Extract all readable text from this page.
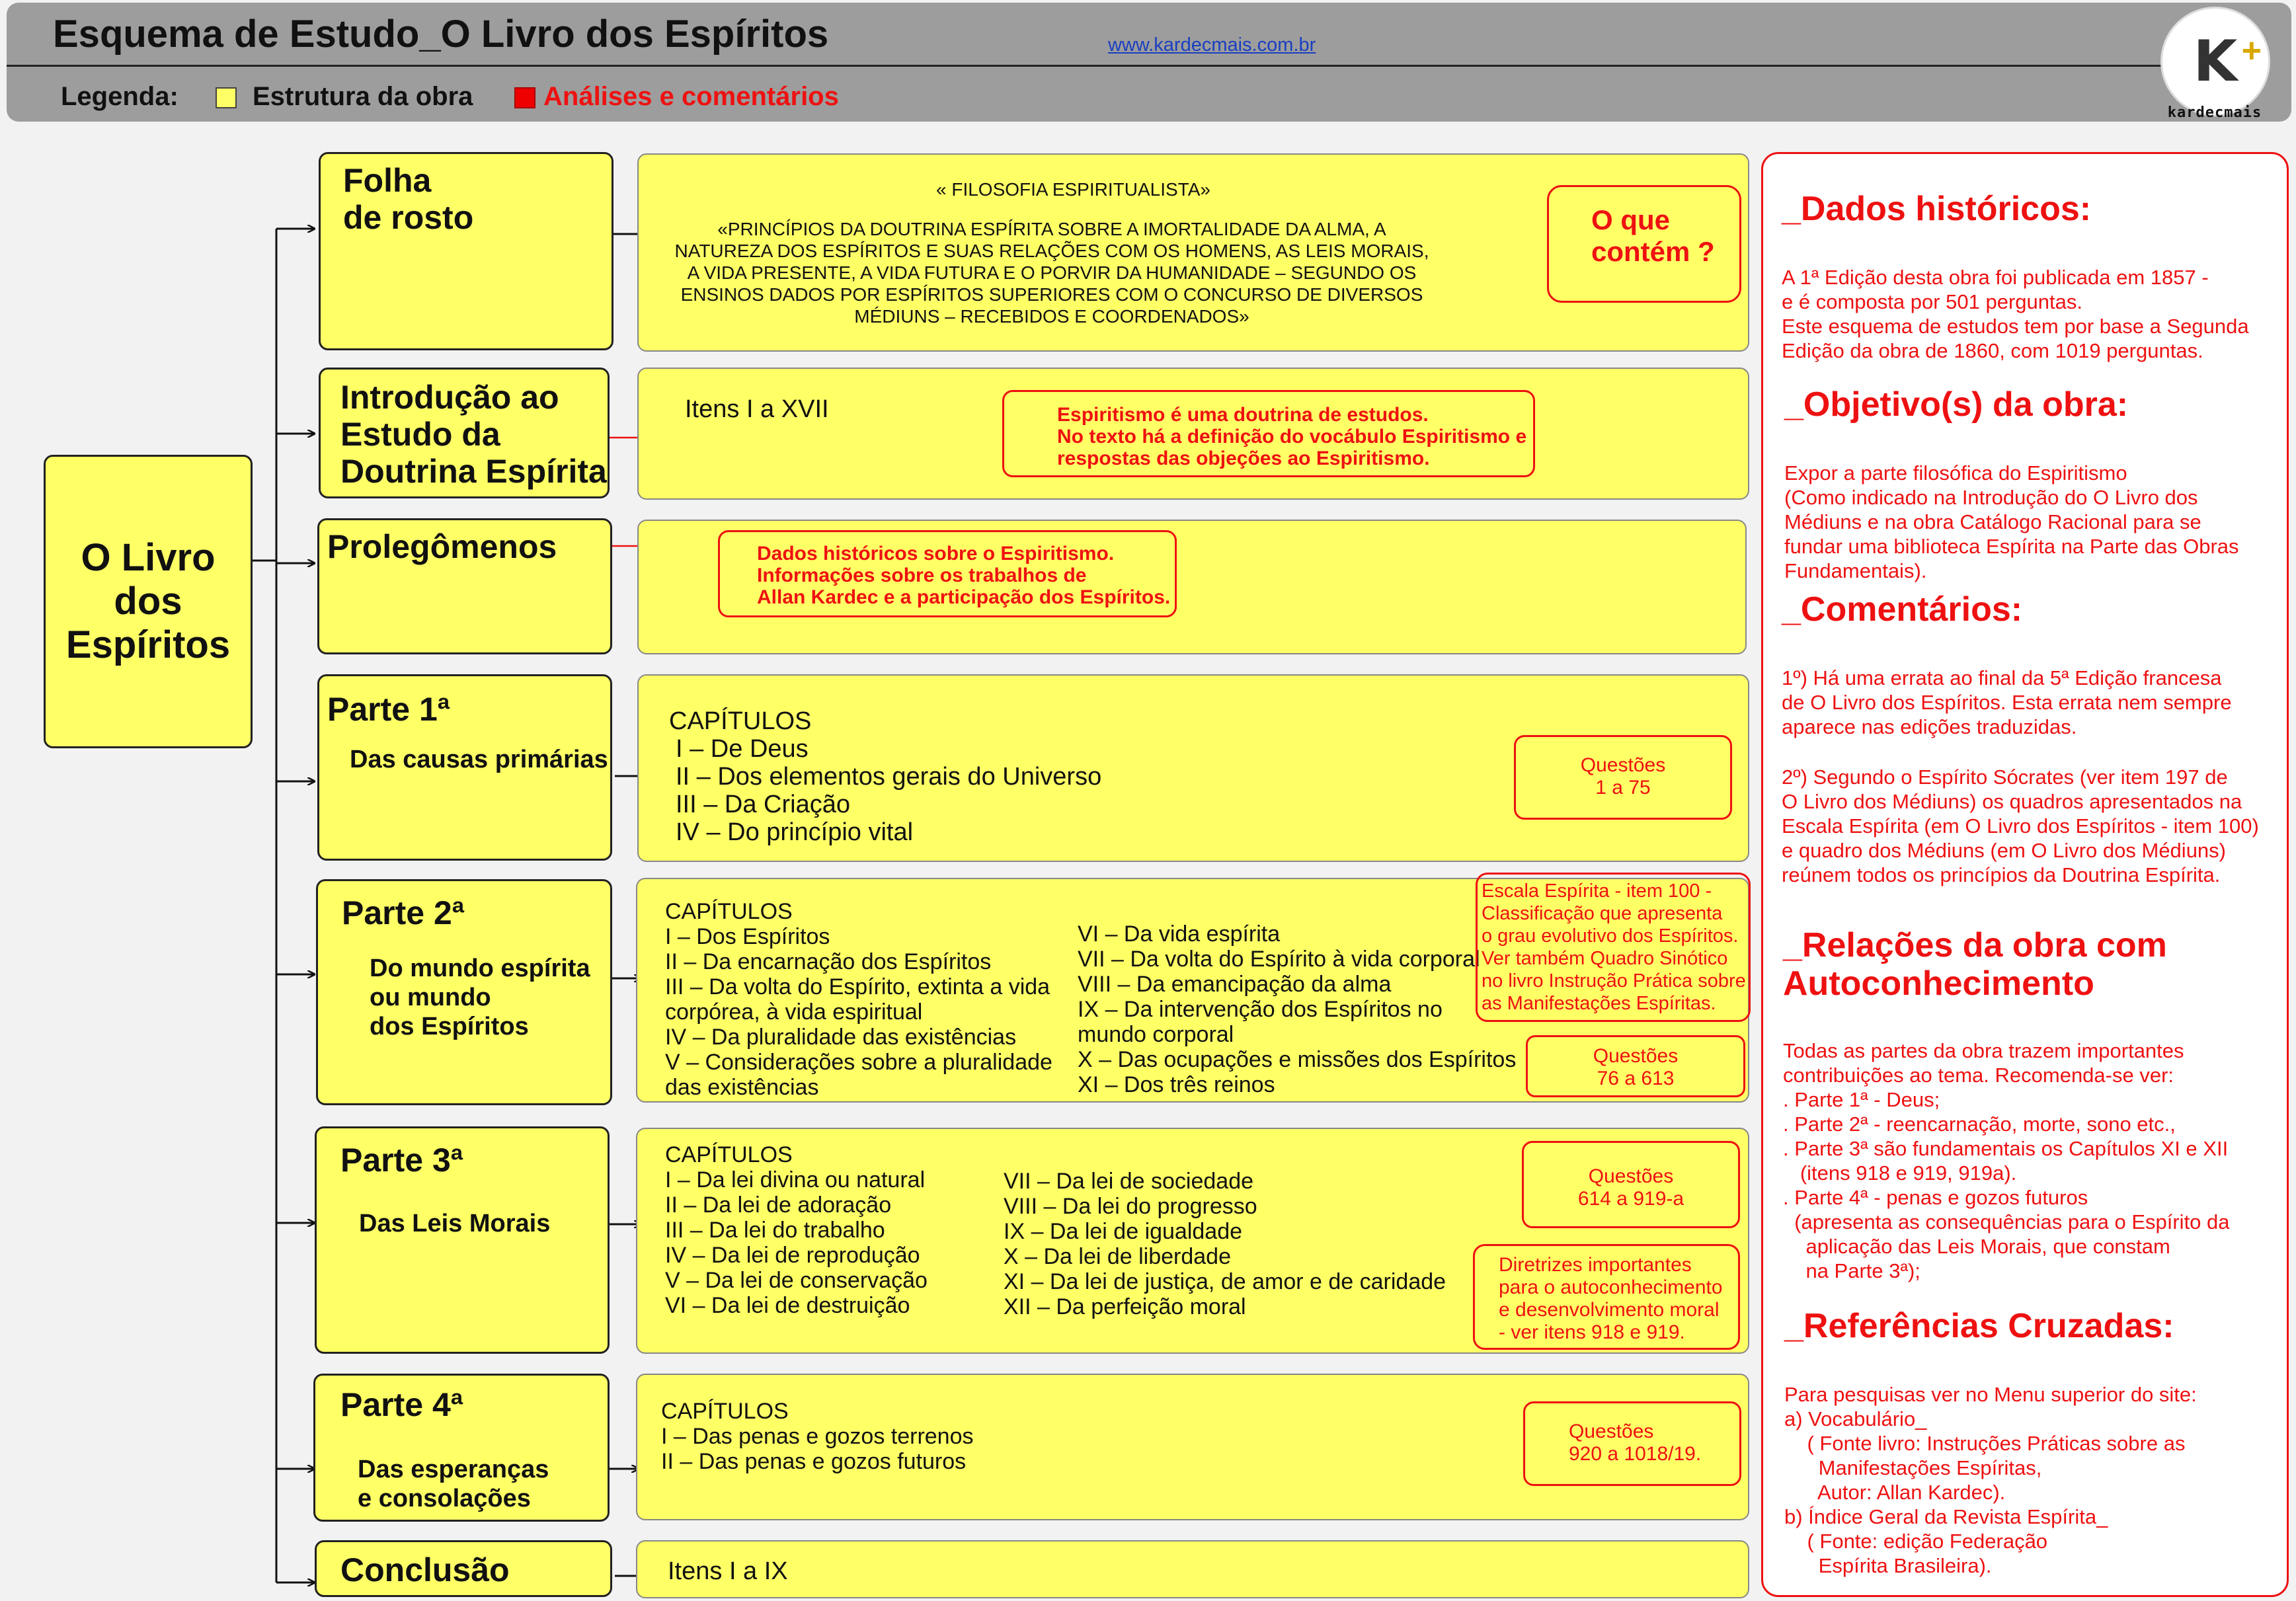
Esquema de Estudo_O Livro dos Espíritos	www.kardecmais.com.br
Legenda:	Estrutura da obra	Análises e comentários
K +
kardecmais
O Livro
dos
Espíritos
Folha
de rosto
« FILOSOFIA ESPIRITUALISTA»
«PRINCÍPIOS DA DOUTRINA ESPÍRITA SOBRE A IMORTALIDADE DA ALMA, A
NATUREZA DOS ESPÍRITOS E SUAS RELAÇÕES COM OS HOMENS, AS LEIS MORAIS,
A VIDA PRESENTE, A VIDA FUTURA E O PORVIR DA HUMANIDADE – SEGUNDO OS
ENSINOS DADOS POR ESPÍRITOS SUPERIORES COM O CONCURSO DE DIVERSOS
MÉDIUNS – RECEBIDOS E COORDENADOS»
O que
contém ?
Introdução ao
Estudo da
Doutrina Espírita
Itens I a XVII	Espiritismo é uma doutrina de estudos.
No texto há a definição do vocábulo Espiritismo e
respostas das objeções ao Espiritismo.
Prolegômenos	Dados históricos sobre o Espiritismo.
Informações sobre os trabalhos de
Allan Kardec e a participação dos Espíritos.
Parte 1ª
Das causas primárias
CAPÍTULOS
I – De Deus
II – Dos elementos gerais do Universo
III – Da Criação
IV – Do princípio vital
Questões
1 a 75
Parte 2ª
Do mundo espírita
ou mundo
dos Espíritos
CAPÍTULOS
I – Dos Espíritos
II – Da encarnação dos Espíritos
III – Da volta do Espírito, extinta a vida
corpórea, à vida espiritual
IV – Da pluralidade das existências
V – Considerações sobre a pluralidade
das existências
VI – Da vida espírita
VII – Da volta do Espírito à vida corporal
VIII – Da emancipação da alma
IX – Da intervenção dos Espíritos no
mundo corporal
X – Das ocupações e missões dos Espíritos
XI – Dos três reinos
Escala Espírita - item 100 -
Classificação que apresenta
o grau evolutivo dos Espíritos.
Ver também Quadro Sinótico
no livro Instrução Prática sobre
as Manifestações Espíritas.
Questões
76 a 613
Parte 3ª
Das Leis Morais
CAPÍTULOS
I – Da lei divina ou natural
II – Da lei de adoração
III – Da lei do trabalho
IV – Da lei de reprodução
V – Da lei de conservação
VI – Da lei de destruição
VII – Da lei de sociedade
VIII – Da lei do progresso
IX – Da lei de igualdade
X – Da lei de liberdade
XI – Da lei de justiça, de amor e de caridade
XII – Da perfeição moral
Questões
614 a 919-a
Diretrizes importantes
para o autoconhecimento
e desenvolvimento moral
- ver itens 918 e 919.
Parte 4ª
Das esperanças
e consolações
CAPÍTULOS
I – Das penas e gozos terrenos
II – Das penas e gozos futuros
Questões
920 a 1018/19.
Conclusão	Itens I a IX
_Dados históricos:
A 1ª Edição desta obra foi publicada em 1857 -
e é composta por 501 perguntas.
Este esquema de estudos tem por base a Segunda
Edição da obra de 1860, com 1019 perguntas.
_Objetivo(s) da obra:
Expor a parte filosófica do Espiritismo
(Como indicado na Introdução do O Livro dos
Médiuns e na obra Catálogo Racional para se
fundar uma biblioteca Espírita na Parte das Obras
Fundamentais).
_Comentários:
1º) Há uma errata ao final da 5ª Edição francesa
de O Livro dos Espíritos. Esta errata nem sempre
aparece nas edições traduzidas.
2º) Segundo o Espírito Sócrates (ver item 197 de
O Livro dos Médiuns) os quadros apresentados na
Escala Espírita (em O Livro dos Espíritos - item 100)
e quadro dos Médiuns (em O Livro dos Médiuns)
reúnem todos os princípios da Doutrina Espírita.
_Relações da obra com
Autoconhecimento
Todas as partes da obra trazem importantes
contribuições ao tema. Recomenda-se ver:
. Parte 1ª - Deus;
. Parte 2ª - reencarnação, morte, sono etc.,
. Parte 3ª são fundamentais os Capítulos XI e XII
(itens 918 e 919, 919a).
. Parte 4ª - penas e gozos futuros
(apresenta as consequências para o Espírito da
aplicação das Leis Morais, que constam
na Parte 3ª);
_Referências Cruzadas:
Para pesquisas ver no Menu superior do site:
a) Vocabulário_
( Fonte livro: Instruções Práticas sobre as
Manifestações Espíritas,
Autor: Allan Kardec).
b) Índice Geral da Revista Espírita_
( Fonte: edição Federação
Espírita Brasileira).
